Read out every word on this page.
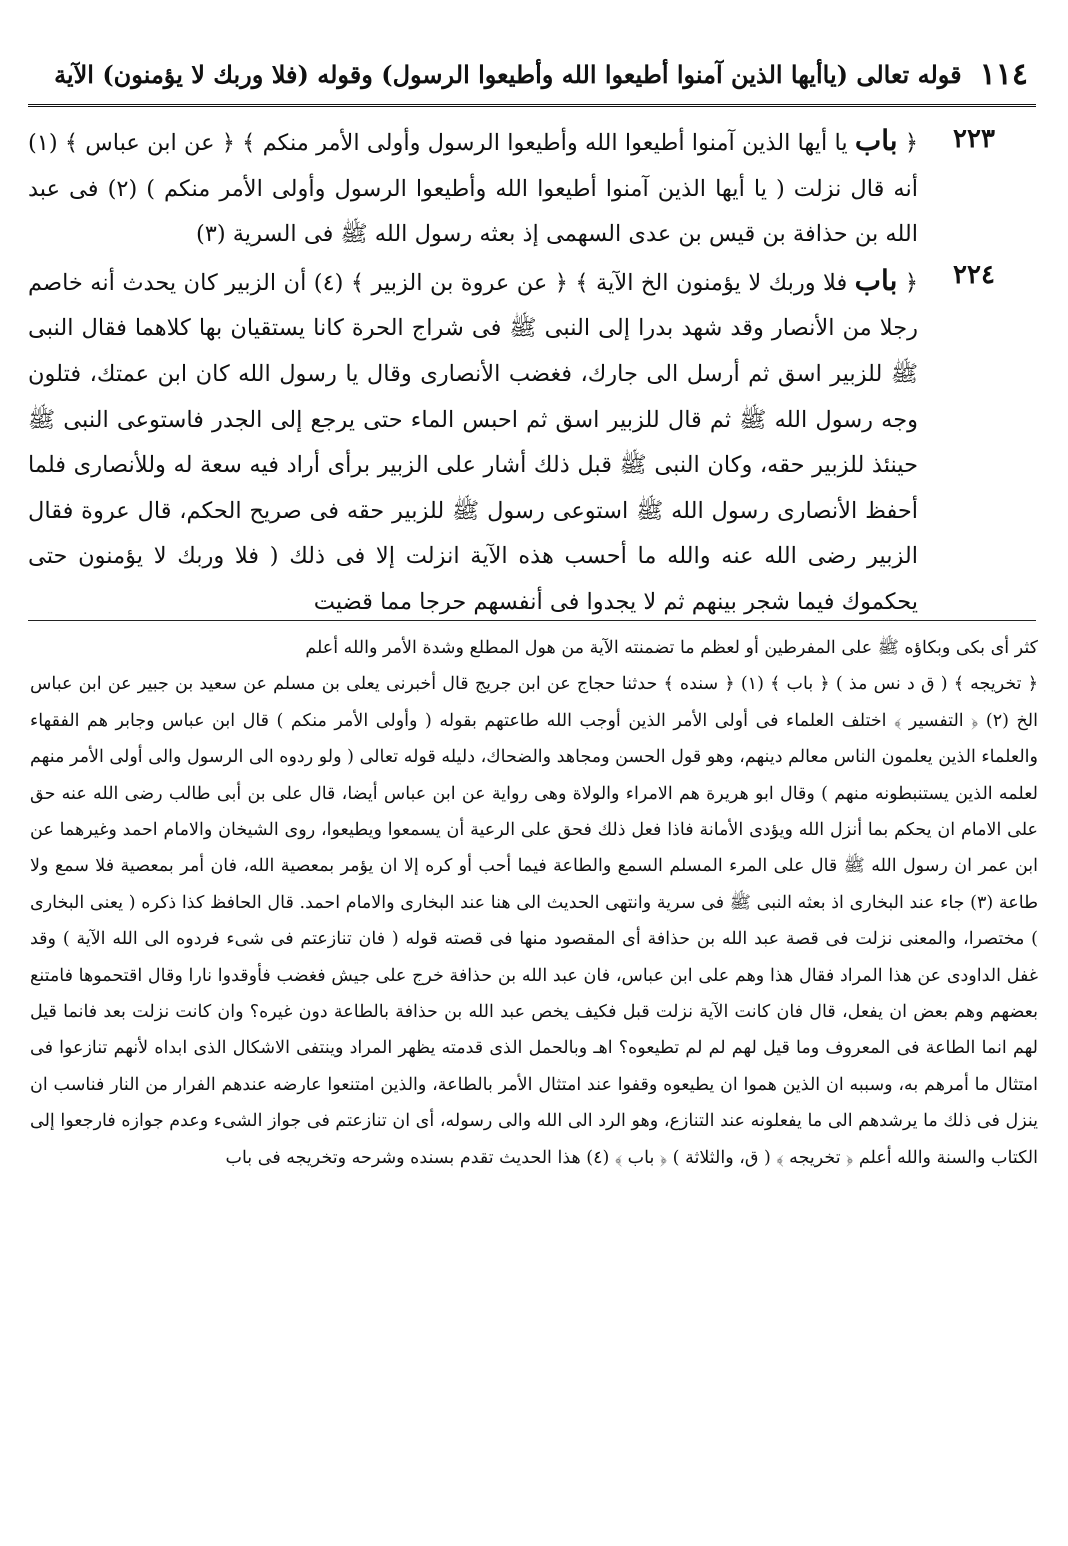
١١٤
قوله تعالى (ياأيها الذين آمنوا أطيعوا الله وأطيعوا الرسول) وقوله (فلا وربك لا يؤمنون) الآية
٢٢٣
٢٢٤

﴿ باب يا أيها الذين آمنوا أطيعوا الله وأطيعوا الرسول وأولى الأمر منكم ﴾ ﴿ عن ابن عباس ﴾ (١) أنه قال نزلت ( يا أيها الذين آمنوا أطيعوا الله وأطيعوا الرسول وأولى الأمر منكم ) (٢) فى عبد الله بن حذافة بن قيس بن عدى السهمى إذ بعثه رسول الله ﷺ فى السرية (٣)

﴿ باب فلا وربك لا يؤمنون الخ الآية ﴾ ﴿ عن عروة بن الزبير ﴾ (٤) أن الزبير كان يحدث أنه خاصم رجلا من الأنصار وقد شهد بدرا إلى النبى ﷺ فى شراج الحرة كانا يستقيان بها كلاهما فقال النبى ﷺ للزبير اسق ثم أرسل الى جارك، فغضب الأنصارى وقال يا رسول الله كان ابن عمتك، فتلون وجه رسول الله ﷺ ثم قال للزبير اسق ثم احبس الماء حتى يرجع إلى الجدر فاستوعى النبى ﷺ حينئذ للزبير حقه، وكان النبى ﷺ قبل ذلك أشار على الزبير برأى أراد فيه سعة له وللأنصارى فلما أحفظ الأنصارى رسول الله ﷺ استوعى رسول ﷺ للزبير حقه فى صريح الحكم، قال عروة فقال الزبير رضى الله عنه والله ما أحسب هذه الآية انزلت إلا فى ذلك ( فلا وربك لا يؤمنون حتى يحكموك فيما شجر بينهم ثم لا يجدوا فى أنفسهم حرجا مما قضيت

كثر أى بكى وبكاؤه ﷺ على المفرطين أو لعظم ما تضمنته الآية من هول المطلع وشدة الأمر والله أعلم

﴿ تخريجه ﴾ ( ق د نس مذ ) ﴿ باب ﴾ (١) ﴿ سنده ﴾ حدثنا حجاج عن ابن جريج قال أخبرنى يعلى بن مسلم عن سعيد بن جبير عن ابن عباس الخ (٢) ﴿ التفسير ﴾ اختلف العلماء فى أولى الأمر الذين أوجب الله طاعتهم بقوله ( وأولى الأمر منكم ) قال ابن عباس وجابر هم الفقهاء والعلماء الذين يعلمون الناس معالم دينهم، وهو قول الحسن ومجاهد والضحاك، دليله قوله تعالى ( ولو ردوه الى الرسول والى أولى الأمر منهم لعلمه الذين يستنبطونه منهم ) وقال ابو هريرة هم الامراء والولاة وهى رواية عن ابن عباس أيضا، قال على بن أبى طالب رضى الله عنه حق على الامام ان يحكم بما أنزل الله ويؤدى الأمانة فاذا فعل ذلك فحق على الرعية أن يسمعوا ويطيعوا، روى الشيخان والامام احمد وغيرهما عن ابن عمر ان رسول الله ﷺ قال على المرء المسلم السمع والطاعة فيما أحب أو كره إلا ان يؤمر بمعصية الله، فان أمر بمعصية فلا سمع ولا طاعة (٣) جاء عند البخارى اذ بعثه النبى ﷺ فى سرية وانتهى الحديث الى هنا عند البخارى والامام احمد. قال الحافظ كذا ذكره ( يعنى البخارى ) مختصرا، والمعنى نزلت فى قصة عبد الله بن حذافة أى المقصود منها فى قصته قوله ( فان تنازعتم فى شىء فردوه الى الله الآية ) وقد غفل الداودى عن هذا المراد فقال هذا وهم على ابن عباس، فان عبد الله بن حذافة خرج على جيش فغضب فأوقدوا نارا وقال اقتحموها فامتنع بعضهم وهم بعض ان يفعل، قال فان كانت الآية نزلت قبل فكيف يخص عبد الله بن حذافة بالطاعة دون غيره؟ وان كانت نزلت بعد فانما قيل لهم انما الطاعة فى المعروف وما قيل لهم لم لم تطيعوه؟ اهـ وبالحمل الذى قدمته يظهر المراد وينتفى الاشكال الذى ابداه لأنهم تنازعوا فى امتثال ما أمرهم به، وسببه ان الذين هموا ان يطيعوه وقفوا عند امتثال الأمر بالطاعة، والذين امتنعوا عارضه عندهم الفرار من النار فناسب ان ينزل فى ذلك ما يرشدهم الى ما يفعلونه عند التنازع، وهو الرد الى الله والى رسوله، أى ان تنازعتم فى جواز الشىء وعدم جوازه فارجعوا إلى الكتاب والسنة والله أعلم ﴿ تخريجه ﴾ ( ق، والثلاثة ) ﴿ باب ﴾ (٤) هذا الحديث تقدم بسنده وشرحه وتخريجه فى باب
